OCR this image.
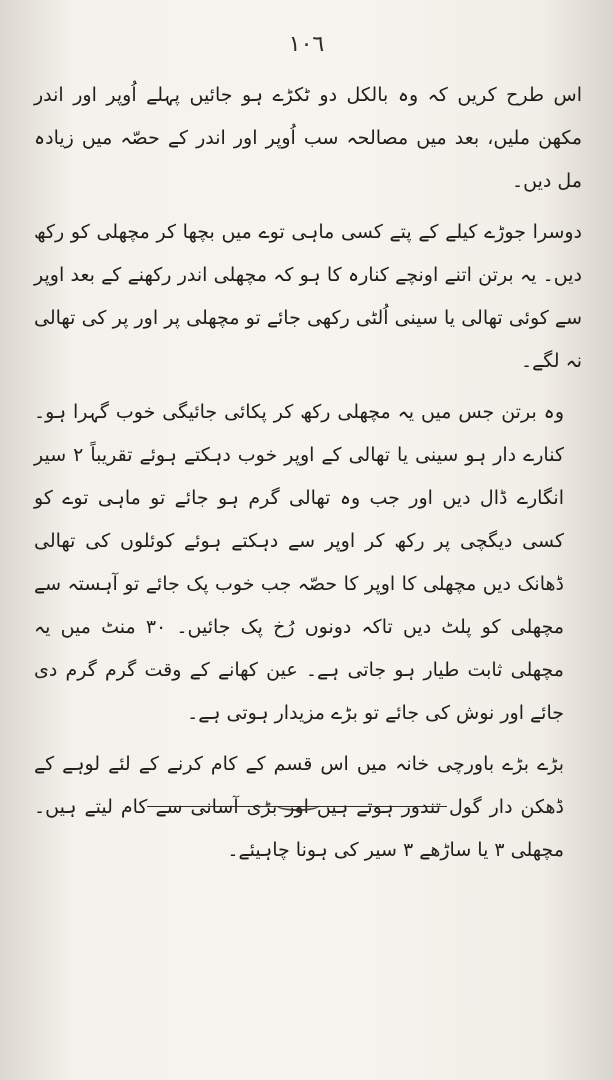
١٠٦

اس طرح کریں کہ وہ بالکل دو ٹکڑے ہو جائیں پہلے اُوپر اور اندر مکھن ملیں، بعد میں مصالحہ سب اُوپر اور اندر کے حصّہ میں زیادہ مل دیں۔

دوسرا جوڑے کیلے کے پتے کسی ماہی توے میں بچھا کر مچھلی کو رکھ دیں۔ یہ برتن اتنے اونچے کنارہ کا ہو کہ مچھلی اندر رکھنے کے بعد اوپر سے کوئی تھالی یا سینی اُلٹی رکھی جائے تو مچھلی پر اور پر کی تھالی نہ لگے۔

وہ برتن جس میں یہ مچھلی رکھ کر پکائی جائیگی خوب گہرا ہو۔ کنارے دار ہو سینی یا تھالی کے اوپر خوب دہکتے ہوئے تقریباً ۲ سیر انگارے ڈال دیں اور جب وہ تھالی گرم ہو جائے تو ماہی توے کو کسی دیگچی پر رکھ کر اوپر سے دہکتے ہوئے کوئلوں کی تھالی ڈھانک دیں مچھلی کا اوپر کا حصّہ جب خوب پک جائے تو آہستہ سے مچھلی کو پلٹ دیں تاکہ دونوں رُخ پک جائیں۔ ۳۰ منٹ میں یہ مچھلی ثابت طیار ہو جاتی ہے۔ عین کھانے کے وقت گرم گرم دی جائے اور نوش کی جائے تو بڑے مزیدار ہوتی ہے۔

بڑے بڑے باورچی خانہ میں اس قسم کے کام کرنے کے لئے لوہے کے ڈھکن دار گول تندور ہوتے ہیں اور بڑی آسانی سے کام لیتے ہیں۔ مچھلی ۳ یا ساڑھے ۳ سیر کی ہونا چاہیئے۔
